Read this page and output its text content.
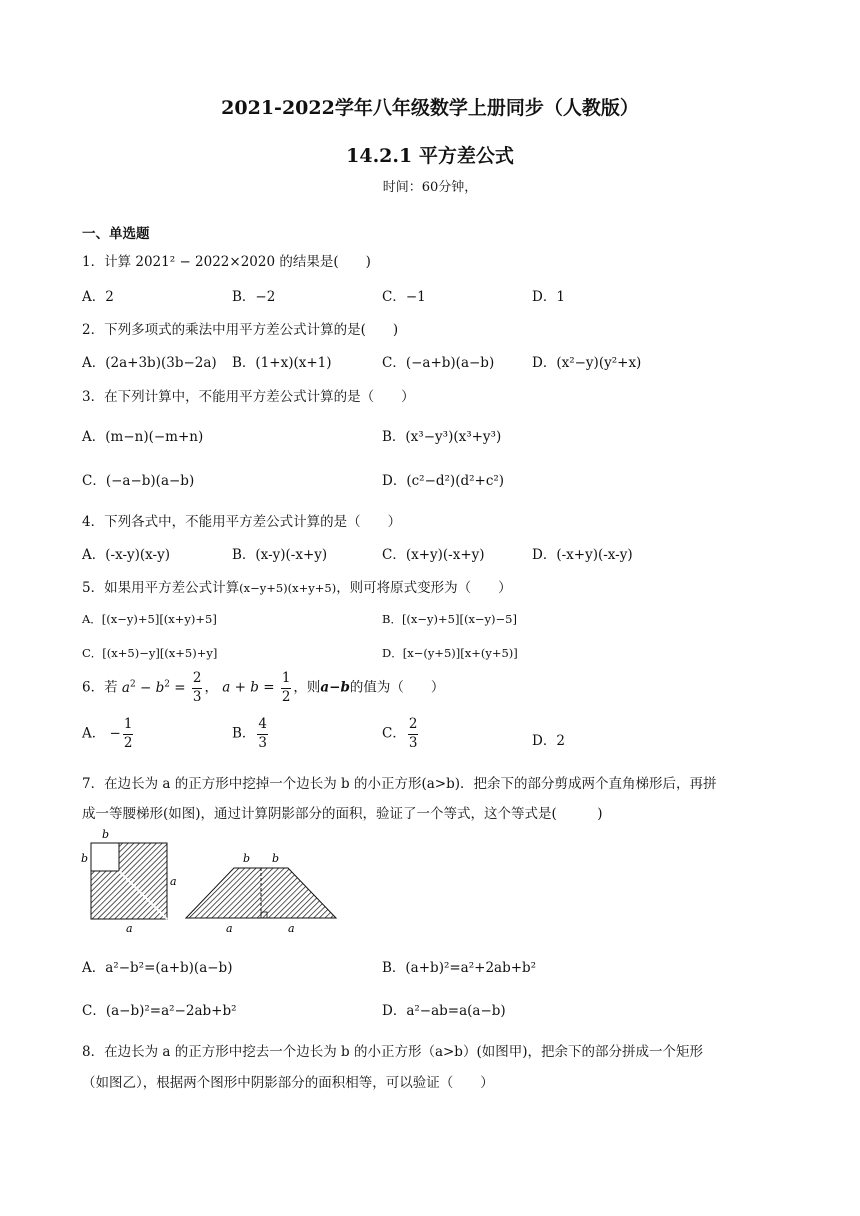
2021-2022学年八年级数学上册同步（人教版）
14.2.1 平方差公式
时间：60分钟，
一、单选题
1．计算 2021² − 2022×2020 的结果是(　　)
A．2	B．−2	C．−1	D．1
2．下列多项式的乘法中用平方差公式计算的是(　　)
A．(2a+3b)(3b−2a) B．(1+x)(x+1)	C．(−a+b)(a−b)	D．(x²−y)(y²+x)
3．在下列计算中，不能用平方差公式计算的是（　　）
A．(m−n)(−m+n)	B．(x³−y³)(x³+y³)
C．(−a−b)(a−b)	D．(c²−d²)(d²+c²)
4．下列各式中，不能用平方差公式计算的是（　　）
A．(-x-y)(x-y)	B．(x-y)(-x+y)	C．(x+y)(-x+y)	D．(-x+y)(-x-y)
5．如果用平方差公式计算(x−y+5)(x+y+5)，则可将原式变形为（　　）
A．[(x−y)+5][(x+y)+5]	B．[(x−y)+5][(x−y)−5]
C．[(x+5)−y][(x+5)+y]	D．[x−(y+5)][x+(y+5)]
6．若 $a^2 - b^2 = \frac{2}{3}$ ， $a + b = \frac{1}{2}$ ，则a−b的值为（　　）
A． − $\frac{1}{2}$	B． $\frac{4}{3}$	C． $\frac{2}{3}$	D．2
7．在边长为 a 的正方形中挖掉一个边长为 b 的小正方形(a>b)．把余下的部分剪成两个直角梯形后，再拼
成一等腰梯形(如图)，通过计算阴影部分的面积，验证了一个等式，这个等式是(　　　)
b
b
a
a
b b
a	a
A．a²−b²=(a+b)(a−b)	B．(a+b)²=a²+2ab+b²
C．(a−b)²=a²−2ab+b²	D．a²−ab=a(a−b)
8．在边长为 a 的正方形中挖去一个边长为 b 的小正方形（a>b）(如图甲)，把余下的部分拼成一个矩形
（如图乙），根据两个图形中阴影部分的面积相等，可以验证（　　）
